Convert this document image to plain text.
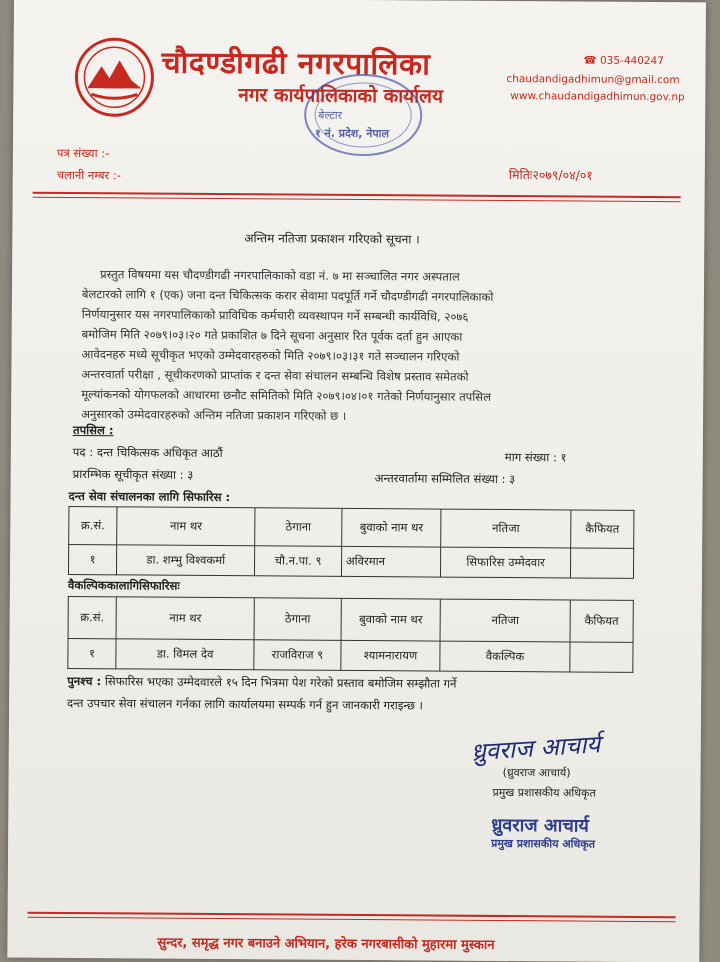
चौदण्डीगढी नगरपालिका
नगर कार्यपालिकाको कार्यालय
☎ 035-440247
chaudandigadhimun@gmail.com
www.chaudandigadhimun.gov.np
बेल्टार
१ नं. प्रदेश, नेपाल
पत्र संख्या :-
चलानी नम्बर :-	मितिः२०७९/०४/०१
अन्तिम नतिजा प्रकाशन गरिएको सूचना ।
प्रस्तुत विषयमा यस चौदण्डीगढी नगरपालिकाको वडा नं. ७ मा सञ्चालित नगर अस्पताल
बेलटारको लागि १ (एक) जना दन्त चिकित्सक करार सेवामा पदपूर्ति गर्ने चौदण्डीगढी नगरपालिकाको
निर्णयानुसार यस नगरपालिकाको प्राविधिक कर्मचारी व्यवस्थापन गर्ने सम्बन्धी कार्यविधि, २०७६
बमोजिम मिति २०७९।०३।२० गते प्रकाशित ७ दिने सूचना अनुसार रित पूर्वक दर्ता हुन आएका
आवेदनहरु मध्ये सूचीकृत भएको उम्मेदवारहरुको मिति २०७९।०३।३१ गते सञ्चालन गरिएको
अन्तरवार्ता परीक्षा , सूचीकरणको प्राप्तांक र दन्त सेवा संचालन सम्बन्धि विशेष प्रस्ताव समेतको
मूल्यांकनको योगफलको आधारमा छनौट समितिको मिति २०७९।०४।०१ गतेको निर्णयानुसार तपसिल
अनुसारको उम्मेदवारहरुको अन्तिम नतिजा प्रकाशन गरिएको छ ।
तपसिल :
पद : दन्त चिकित्सक अधिकृत आठौं	माग संख्या : १
प्रारम्भिक सूचीकृत संख्या : ३	अन्तरवार्तामा सम्मिलित संख्या : ३
दन्त सेवा संचालनका लागि सिफारिस :
क्र.सं.	नाम थर	ठेगाना	बुवाको नाम थर	नतिजा	कैफियत
१	डा. शम्भु विश्वकर्मा	चौ.न.पा. ९	अविरमान	सिफारिस उम्मेदवार	
वैकल्पिककालागिसिफारिसः
क्र.सं.	नाम थर	ठेगाना	बुवाको नाम थर	नतिजा	कैफियत
१	डा. विमल देव	राजविराज ९	श्यामनारायण	वैकल्पिक	
पुनश्च : सिफारिस भएका उम्मेदवारले १५ दिन भित्रमा पेश गरेको प्रस्ताव बमोजिम सम्झौता गर्ने
दन्त उपचार सेवा संचालन गर्नका लागि कार्यालयमा सम्पर्क गर्न हुन जानकारी गराइन्छ ।
ध्रुवराज आचार्य
(ध्रुवराज आचार्य)
प्रमुख प्रशासकीय अधिकृत
ध्रुवराज आचार्य
प्रमुख प्रशासकीय अधिकृत
सुन्दर, समृद्ध नगर बनाउने अभियान, हरेक नगरबासीको मुहारमा मुस्कान
